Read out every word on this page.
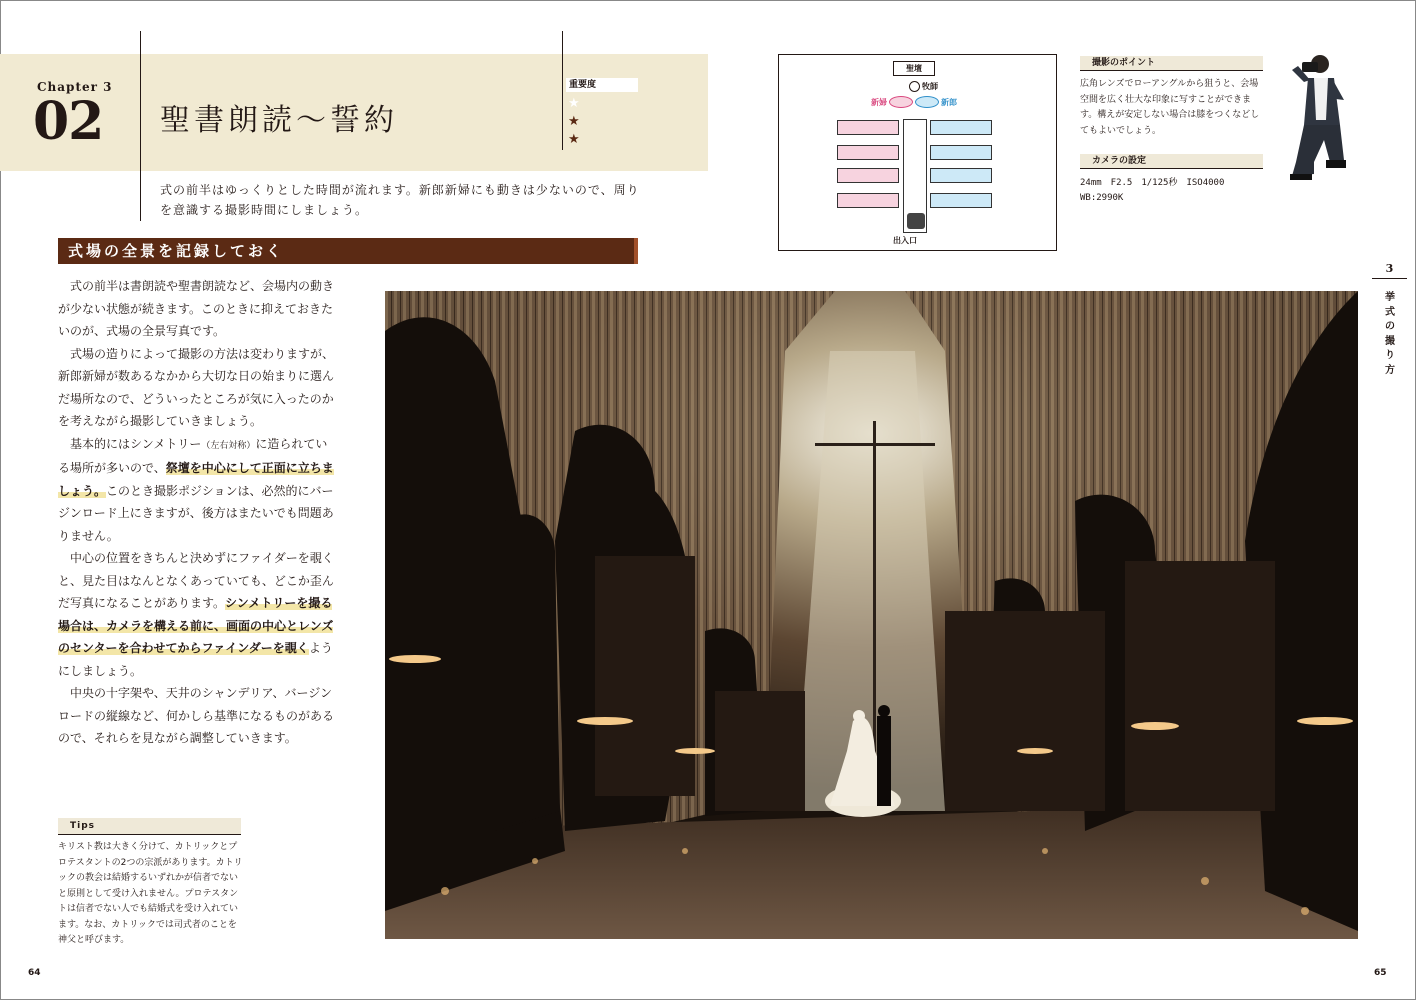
Chapter 3
02 聖書朗読～誓約
重要度
★
★
★
式の前半はゆっくりとした時間が流れます。新郎新婦にも動きは少ないので、周りを意識する撮影時間にしましょう。
式場の全景を記録しておく

式の前半は書朗読や聖書朗読など、会場内の動きが少ない状態が続きます。このときに抑えておきたいのが、式場の全景写真です。

式場の造りによって撮影の方法は変わりますが、新郎新婦が数あるなかから大切な日の始まりに選んだ場所なので、どういったところが気に入ったのかを考えながら撮影していきましょう。

基本的にはシンメトリー（左右対称）に造られている場所が多いので、祭壇を中心にして正面に立ちましょう。このとき撮影ポジションは、必然的にバージンロード上にきますが、後方はまたいでも問題ありません。

中心の位置をきちんと決めずにファイダーを覗くと、見た目はなんとなくあっていても、どこか歪んだ写真になることがあります。シンメトリーを撮る場合は、カメラを構える前に、画面の中心とレンズのセンターを合わせてからファインダーを覗くようにしましょう。

中央の十字架や、天井のシャンデリア、バージンロードの縦線など、何かしら基準になるものがあるので、それらを見ながら調整していきます。

Tips
キリスト教は大きく分けて、カトリックとプロテスタントの2つの宗派があります。カトリックの教会は結婚するいずれかが信者でないと原則として受け入れません。プロテスタントは信者でない人でも結婚式を受け入れています。なお、カトリックでは司式者のことを神父と呼びます。
64	65
聖壇
牧師
新婦	新郎
出入口
撮影のポイント
広角レンズでローアングルから狙うと、会場空間を広く壮大な印象に写すことができます。構えが安定しない場合は膝をつくなどしてもよいでしょう。
カメラの設定
24mm　F2.5　1/125秒　ISO4000
WB:2990K
3
挙式の撮り方
